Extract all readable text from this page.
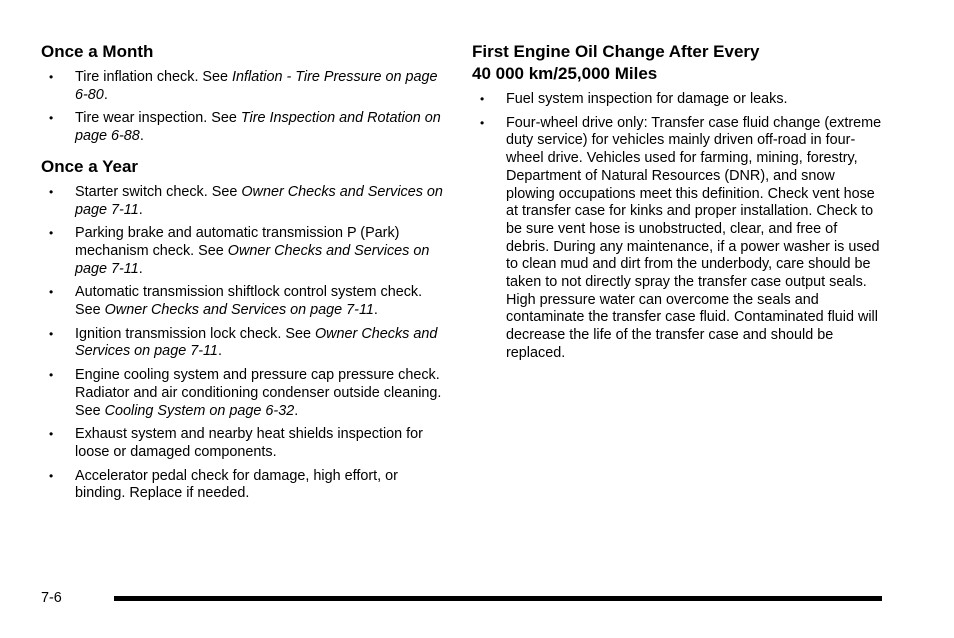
Once a Month
• Tire inflation check. See Inflation - Tire Pressure on page 6-80.
• Tire wear inspection. See Tire Inspection and Rotation on page 6-88.
Once a Year
• Starter switch check. See Owner Checks and Services on page 7-11.
• Parking brake and automatic transmission P (Park) mechanism check. See Owner Checks and Services on page 7-11.
• Automatic transmission shiftlock control system check. See Owner Checks and Services on page 7-11.
• Ignition transmission lock check. See Owner Checks and Services on page 7-11.
• Engine cooling system and pressure cap pressure check. Radiator and air conditioning condenser outside cleaning. See Cooling System on page 6-32.
• Exhaust system and nearby heat shields inspection for loose or damaged components.
• Accelerator pedal check for damage, high effort, or binding. Replace if needed.
First Engine Oil Change After Every
40 000 km/25,000 Miles
• Fuel system inspection for damage or leaks.
• Four-wheel drive only: Transfer case fluid change (extreme duty service) for vehicles mainly driven off-road in four-wheel drive. Vehicles used for farming, mining, forestry, Department of Natural Resources (DNR), and snow plowing occupations meet this definition. Check vent hose at transfer case for kinks and proper installation. Check to be sure vent hose is unobstructed, clear, and free of debris. During any maintenance, if a power washer is used to clean mud and dirt from the underbody, care should be taken to not directly spray the transfer case output seals. High pressure water can overcome the seals and contaminate the transfer case fluid. Contaminated fluid will decrease the life of the transfer case and should be replaced.
7-6
